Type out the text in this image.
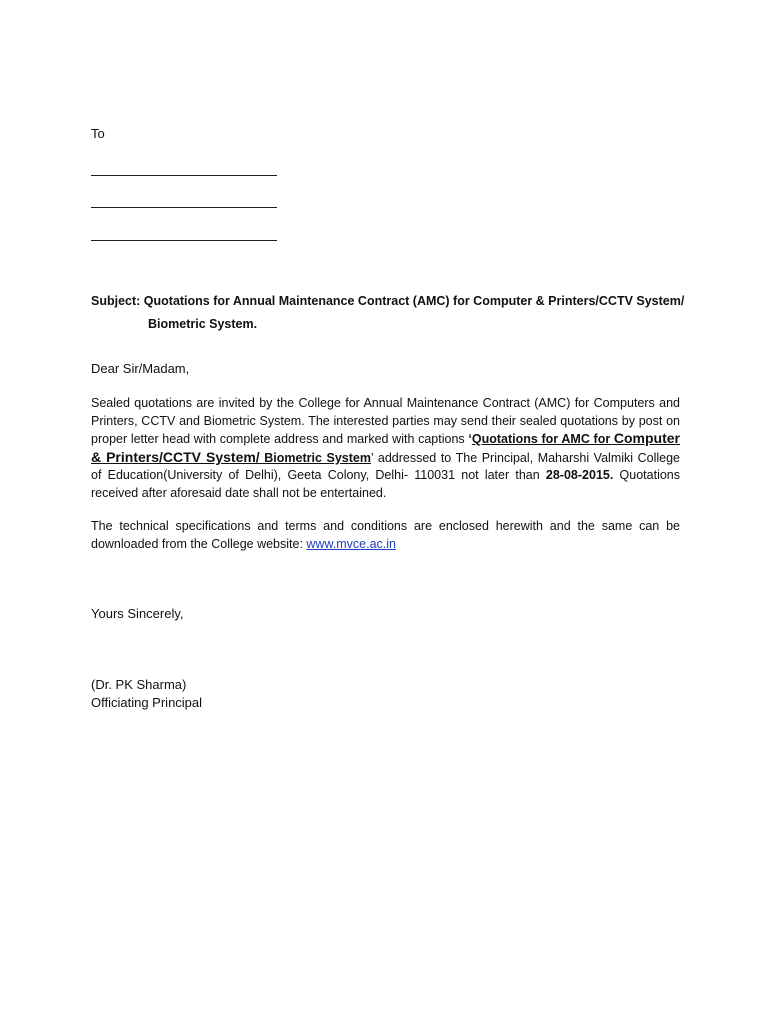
To
Subject: Quotations for Annual Maintenance Contract (AMC) for Computer & Printers/CCTV System/
Biometric System.
Dear Sir/Madam,
Sealed quotations are invited by the College for Annual Maintenance Contract (AMC) for Computers and Printers, CCTV and Biometric System. The interested parties may send their sealed quotations by post on proper letter head with complete address and marked with captions ‘Quotations for AMC for Computer & Printers/CCTV System/ Biometric System’ addressed to The Principal, Maharshi Valmiki College of Education(University of Delhi), Geeta Colony, Delhi- 110031 not later than 28-08-2015. Quotations received after aforesaid date shall not be entertained.
The technical specifications and terms and conditions are enclosed herewith and the same can be downloaded from the College website: www.mvce.ac.in
Yours Sincerely,
(Dr. PK Sharma)
Officiating Principal
